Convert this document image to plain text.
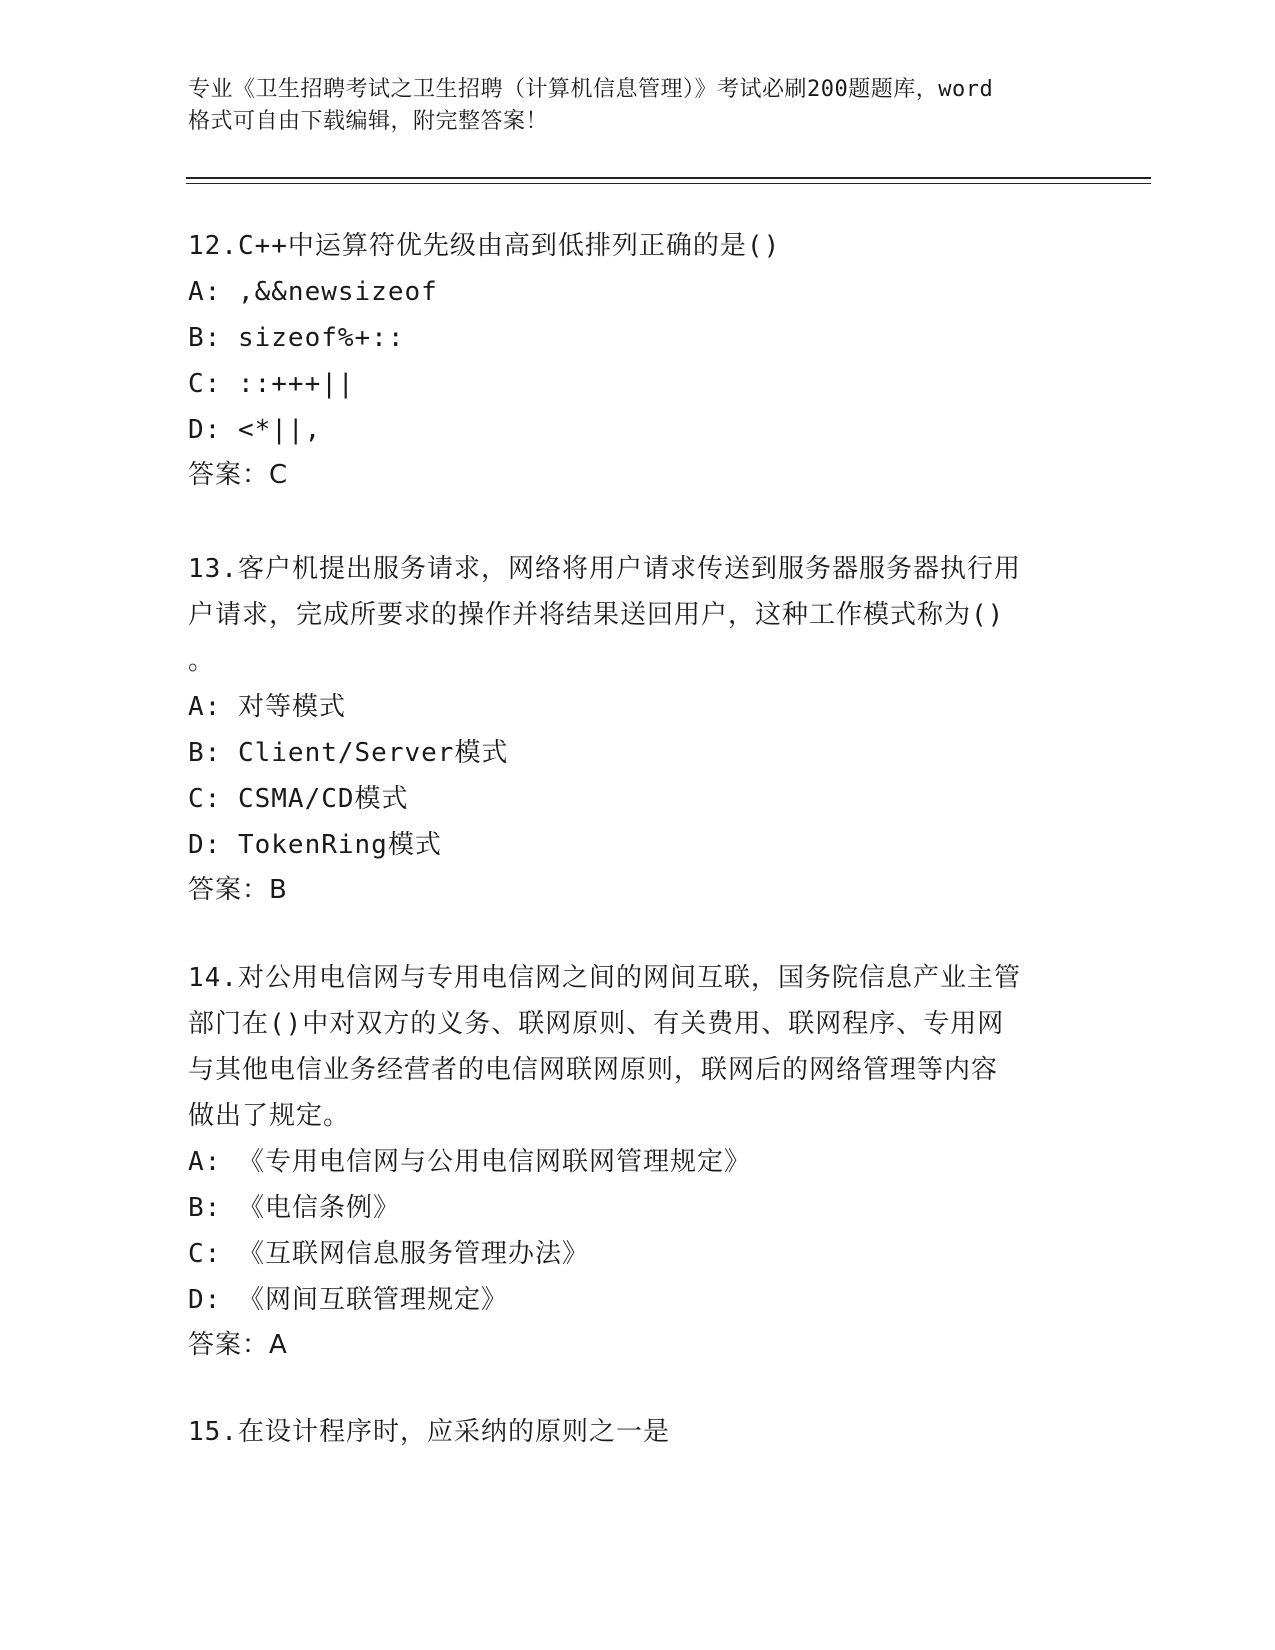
专业《卫生招聘考试之卫生招聘（计算机信息管理）》考试必刷200题题库，word
格式可自由下载编辑，附完整答案！
12.C++中运算符优先级由高到低排列正确的是()
A: ,&&newsizeof
B: sizeof%+::
C: ::+++||
D: <*||,
答案：C
13.客户机提出服务请求，网络将用户请求传送到服务器服务器执行用
户请求，完成所要求的操作并将结果送回用户，这种工作模式称为()
。
A: 对等模式
B: Client/Server模式
C: CSMA/CD模式
D: TokenRing模式
答案：B
14.对公用电信网与专用电信网之间的网间互联，国务院信息产业主管
部门在()中对双方的义务、联网原则、有关费用、联网程序、专用网
与其他电信业务经营者的电信网联网原则，联网后的网络管理等内容
做出了规定。
A: 《专用电信网与公用电信网联网管理规定》
B: 《电信条例》
C: 《互联网信息服务管理办法》
D: 《网间互联管理规定》
答案：A
15.在设计程序时，应采纳的原则之一是
